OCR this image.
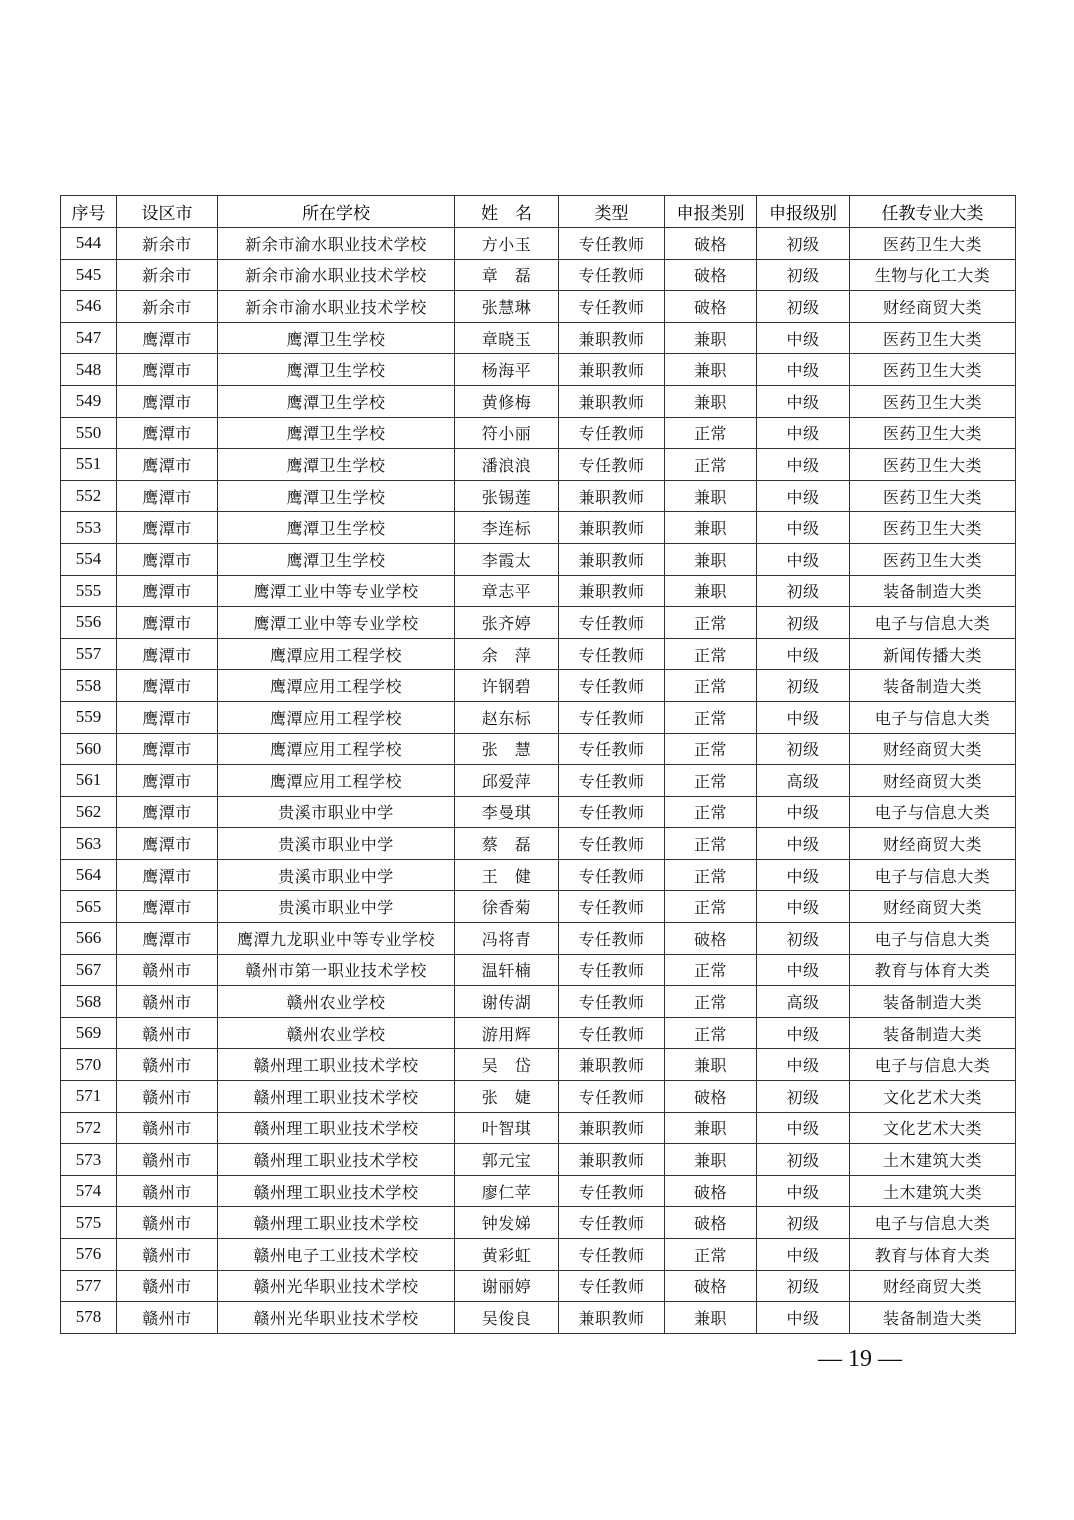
序号	设区市	所在学校	姓　名	类型	申报类别	申报级别	任教专业大类
544	新余市	新余市渝水职业技术学校	方小玉	专任教师	破格	初级	医药卫生大类
545	新余市	新余市渝水职业技术学校	章　磊	专任教师	破格	初级	生物与化工大类
546	新余市	新余市渝水职业技术学校	张慧琳	专任教师	破格	初级	财经商贸大类
547	鹰潭市	鹰潭卫生学校	章晓玉	兼职教师	兼职	中级	医药卫生大类
548	鹰潭市	鹰潭卫生学校	杨海平	兼职教师	兼职	中级	医药卫生大类
549	鹰潭市	鹰潭卫生学校	黄修梅	兼职教师	兼职	中级	医药卫生大类
550	鹰潭市	鹰潭卫生学校	符小丽	专任教师	正常	中级	医药卫生大类
551	鹰潭市	鹰潭卫生学校	潘浪浪	专任教师	正常	中级	医药卫生大类
552	鹰潭市	鹰潭卫生学校	张锡莲	兼职教师	兼职	中级	医药卫生大类
553	鹰潭市	鹰潭卫生学校	李连标	兼职教师	兼职	中级	医药卫生大类
554	鹰潭市	鹰潭卫生学校	李霞太	兼职教师	兼职	中级	医药卫生大类
555	鹰潭市	鹰潭工业中等专业学校	章志平	兼职教师	兼职	初级	装备制造大类
556	鹰潭市	鹰潭工业中等专业学校	张齐婷	专任教师	正常	初级	电子与信息大类
557	鹰潭市	鹰潭应用工程学校	余　萍	专任教师	正常	中级	新闻传播大类
558	鹰潭市	鹰潭应用工程学校	许钢碧	专任教师	正常	初级	装备制造大类
559	鹰潭市	鹰潭应用工程学校	赵东标	专任教师	正常	中级	电子与信息大类
560	鹰潭市	鹰潭应用工程学校	张　慧	专任教师	正常	初级	财经商贸大类
561	鹰潭市	鹰潭应用工程学校	邱爱萍	专任教师	正常	高级	财经商贸大类
562	鹰潭市	贵溪市职业中学	李曼琪	专任教师	正常	中级	电子与信息大类
563	鹰潭市	贵溪市职业中学	蔡　磊	专任教师	正常	中级	财经商贸大类
564	鹰潭市	贵溪市职业中学	王　健	专任教师	正常	中级	电子与信息大类
565	鹰潭市	贵溪市职业中学	徐香菊	专任教师	正常	中级	财经商贸大类
566	鹰潭市	鹰潭九龙职业中等专业学校	冯将青	专任教师	破格	初级	电子与信息大类
567	赣州市	赣州市第一职业技术学校	温轩楠	专任教师	正常	中级	教育与体育大类
568	赣州市	赣州农业学校	谢传湖	专任教师	正常	高级	装备制造大类
569	赣州市	赣州农业学校	游用辉	专任教师	正常	中级	装备制造大类
570	赣州市	赣州理工职业技术学校	吴　岱	兼职教师	兼职	中级	电子与信息大类
571	赣州市	赣州理工职业技术学校	张　婕	专任教师	破格	初级	文化艺术大类
572	赣州市	赣州理工职业技术学校	叶智琪	兼职教师	兼职	中级	文化艺术大类
573	赣州市	赣州理工职业技术学校	郭元宝	兼职教师	兼职	初级	土木建筑大类
574	赣州市	赣州理工职业技术学校	廖仁苹	专任教师	破格	中级	土木建筑大类
575	赣州市	赣州理工职业技术学校	钟发娣	专任教师	破格	初级	电子与信息大类
576	赣州市	赣州电子工业技术学校	黄彩虹	专任教师	正常	中级	教育与体育大类
577	赣州市	赣州光华职业技术学校	谢丽婷	专任教师	破格	初级	财经商贸大类
578	赣州市	赣州光华职业技术学校	吴俊良	兼职教师	兼职	中级	装备制造大类
— 19 —
